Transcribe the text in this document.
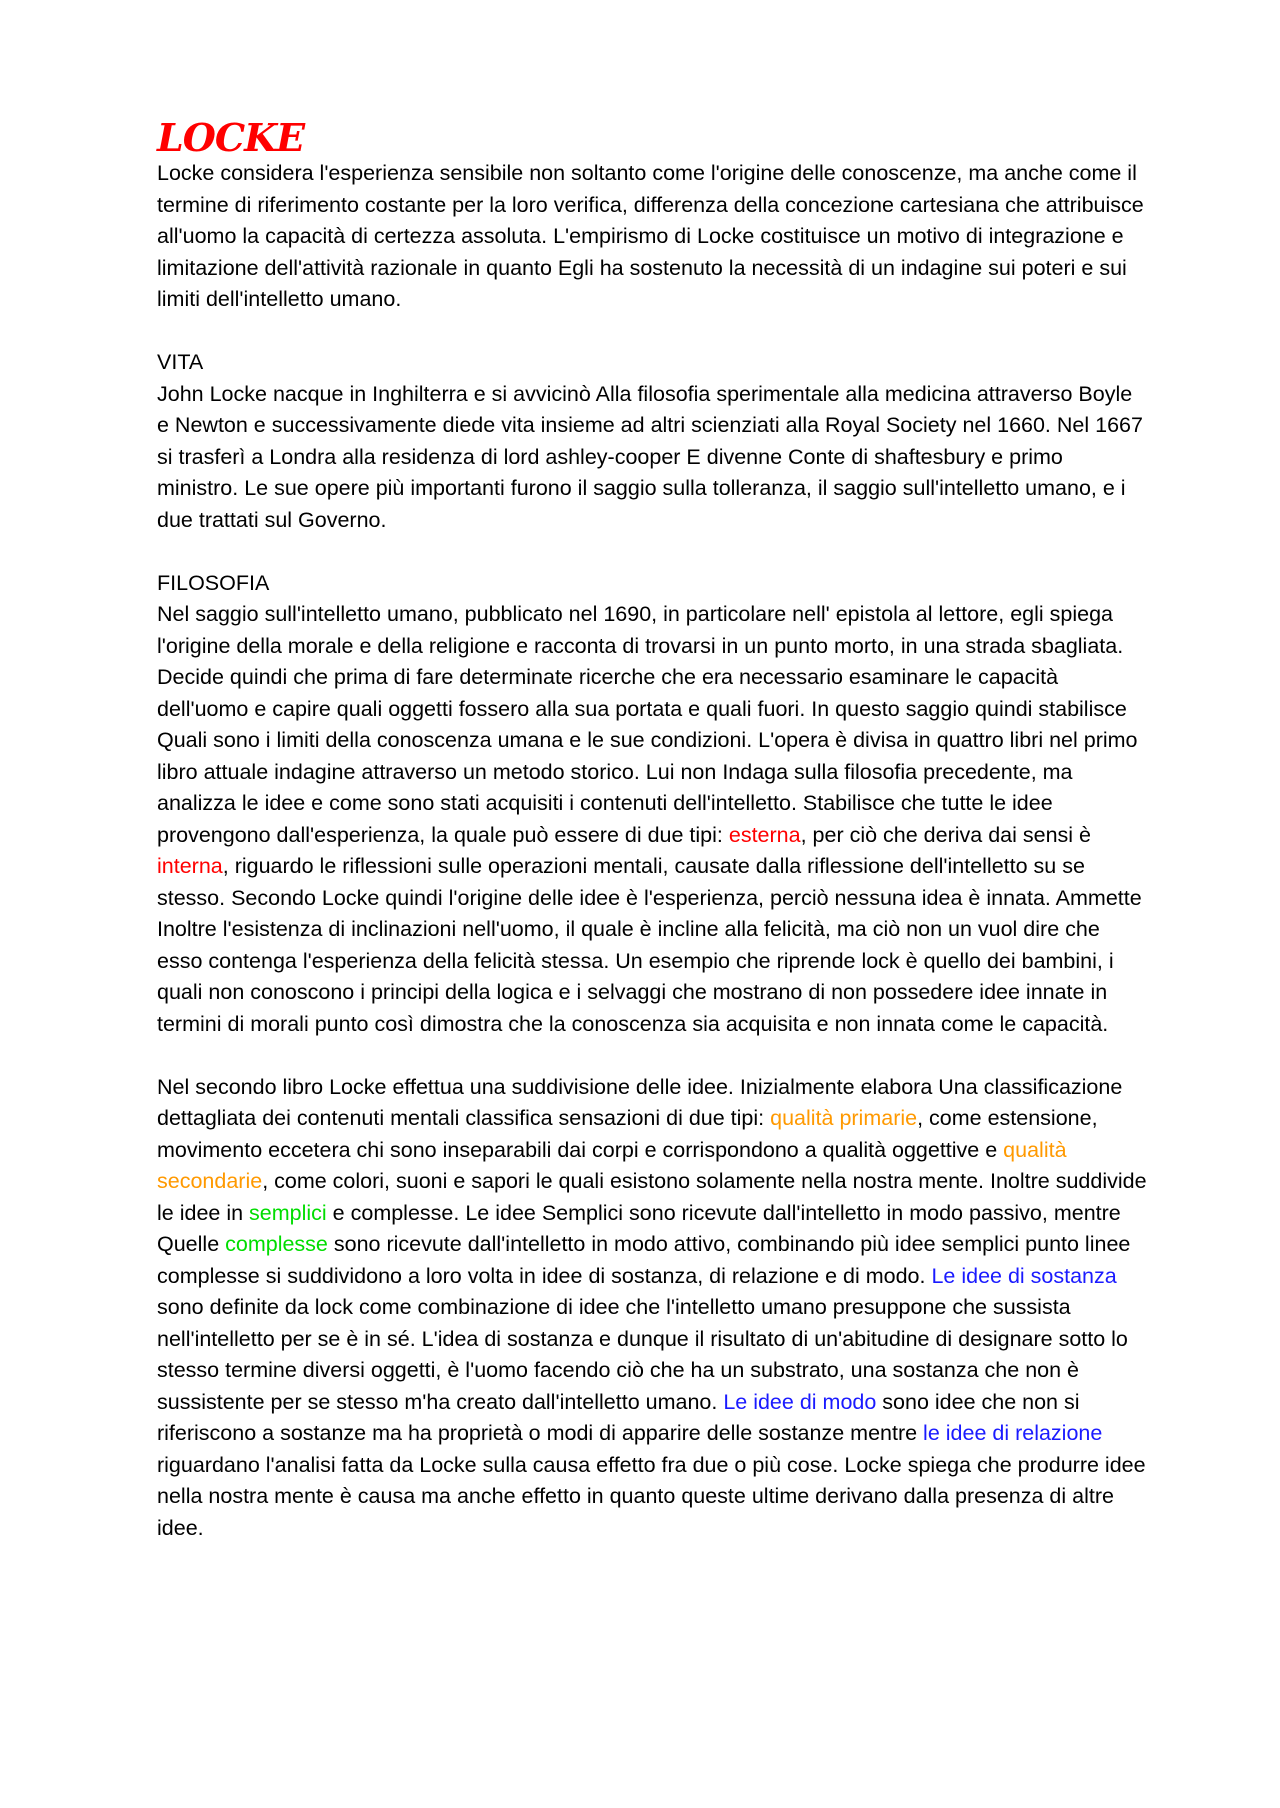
LOCKE

Locke considera l'esperienza sensibile non soltanto come l'origine delle conoscenze, ma anche come il termine di riferimento costante per la loro verifica, differenza della concezione cartesiana che attribuisce all'uomo la capacità di certezza assoluta. L'empirismo di Locke costituisce un motivo di integrazione e limitazione dell'attività razionale in quanto Egli ha sostenuto la necessità di un indagine sui poteri e sui limiti dell'intelletto umano.

VITA

John Locke nacque in Inghilterra e si avvicinò Alla filosofia sperimentale alla medicina attraverso Boyle e Newton e successivamente diede vita insieme ad altri scienziati alla Royal Society nel 1660. Nel 1667 si trasferì a Londra alla residenza di lord ashley-cooper E divenne Conte di shaftesbury e primo ministro. Le sue opere più importanti furono il saggio sulla tolleranza, il saggio sull'intelletto umano, e i due trattati sul Governo.

FILOSOFIA

Nel saggio sull'intelletto umano, pubblicato nel 1690, in particolare nell' epistola al lettore, egli spiega l'origine della morale e della religione e racconta di trovarsi in un punto morto, in una strada sbagliata. Decide quindi che prima di fare determinate ricerche che era necessario esaminare le capacità dell'uomo e capire quali oggetti fossero alla sua portata e quali fuori. In questo saggio quindi stabilisce Quali sono i limiti della conoscenza umana e le sue condizioni. L'opera è divisa in quattro libri nel primo libro attuale indagine attraverso un metodo storico. Lui non Indaga sulla filosofia precedente, ma analizza le idee e come sono stati acquisiti i contenuti dell'intelletto. Stabilisce che tutte le idee provengono dall'esperienza, la quale può essere di due tipi: esterna, per ciò che deriva dai sensi è interna, riguardo le riflessioni sulle operazioni mentali, causate dalla riflessione dell'intelletto su se stesso. Secondo Locke quindi l'origine delle idee è l'esperienza, perciò nessuna idea è innata. Ammette Inoltre l'esistenza di inclinazioni nell'uomo, il quale è incline alla felicità, ma ciò non un vuol dire che esso contenga l'esperienza della felicità stessa. Un esempio che riprende lock è quello dei bambini, i quali non conoscono i principi della logica e i selvaggi che mostrano di non possedere idee innate in termini di morali punto così dimostra che la conoscenza sia acquisita e non innata come le capacità.

Nel secondo libro Locke effettua una suddivisione delle idee. Inizialmente elabora Una classificazione dettagliata dei contenuti mentali classifica sensazioni di due tipi: qualità primarie, come estensione, movimento eccetera chi sono inseparabili dai corpi e corrispondono a qualità oggettive e qualità secondarie, come colori, suoni e sapori le quali esistono solamente nella nostra mente. Inoltre suddivide le idee in semplici e complesse. Le idee Semplici sono ricevute dall'intelletto in modo passivo, mentre Quelle complesse sono ricevute dall'intelletto in modo attivo, combinando più idee semplici punto linee complesse si suddividono a loro volta in idee di sostanza, di relazione e di modo. Le idee di sostanza sono definite da lock come combinazione di idee che l'intelletto umano presuppone che sussista nell'intelletto per se è in sé. L'idea di sostanza e dunque il risultato di un'abitudine di designare sotto lo stesso termine diversi oggetti, è l'uomo facendo ciò che ha un substrato, una sostanza che non è sussistente per se stesso m'ha creato dall'intelletto umano. Le idee di modo sono idee che non si riferiscono a sostanze ma ha proprietà o modi di apparire delle sostanze mentre le idee di relazione riguardano l'analisi fatta da Locke sulla causa effetto fra due o più cose. Locke spiega che produrre idee nella nostra mente è causa ma anche effetto in quanto queste ultime derivano dalla presenza di altre idee.
